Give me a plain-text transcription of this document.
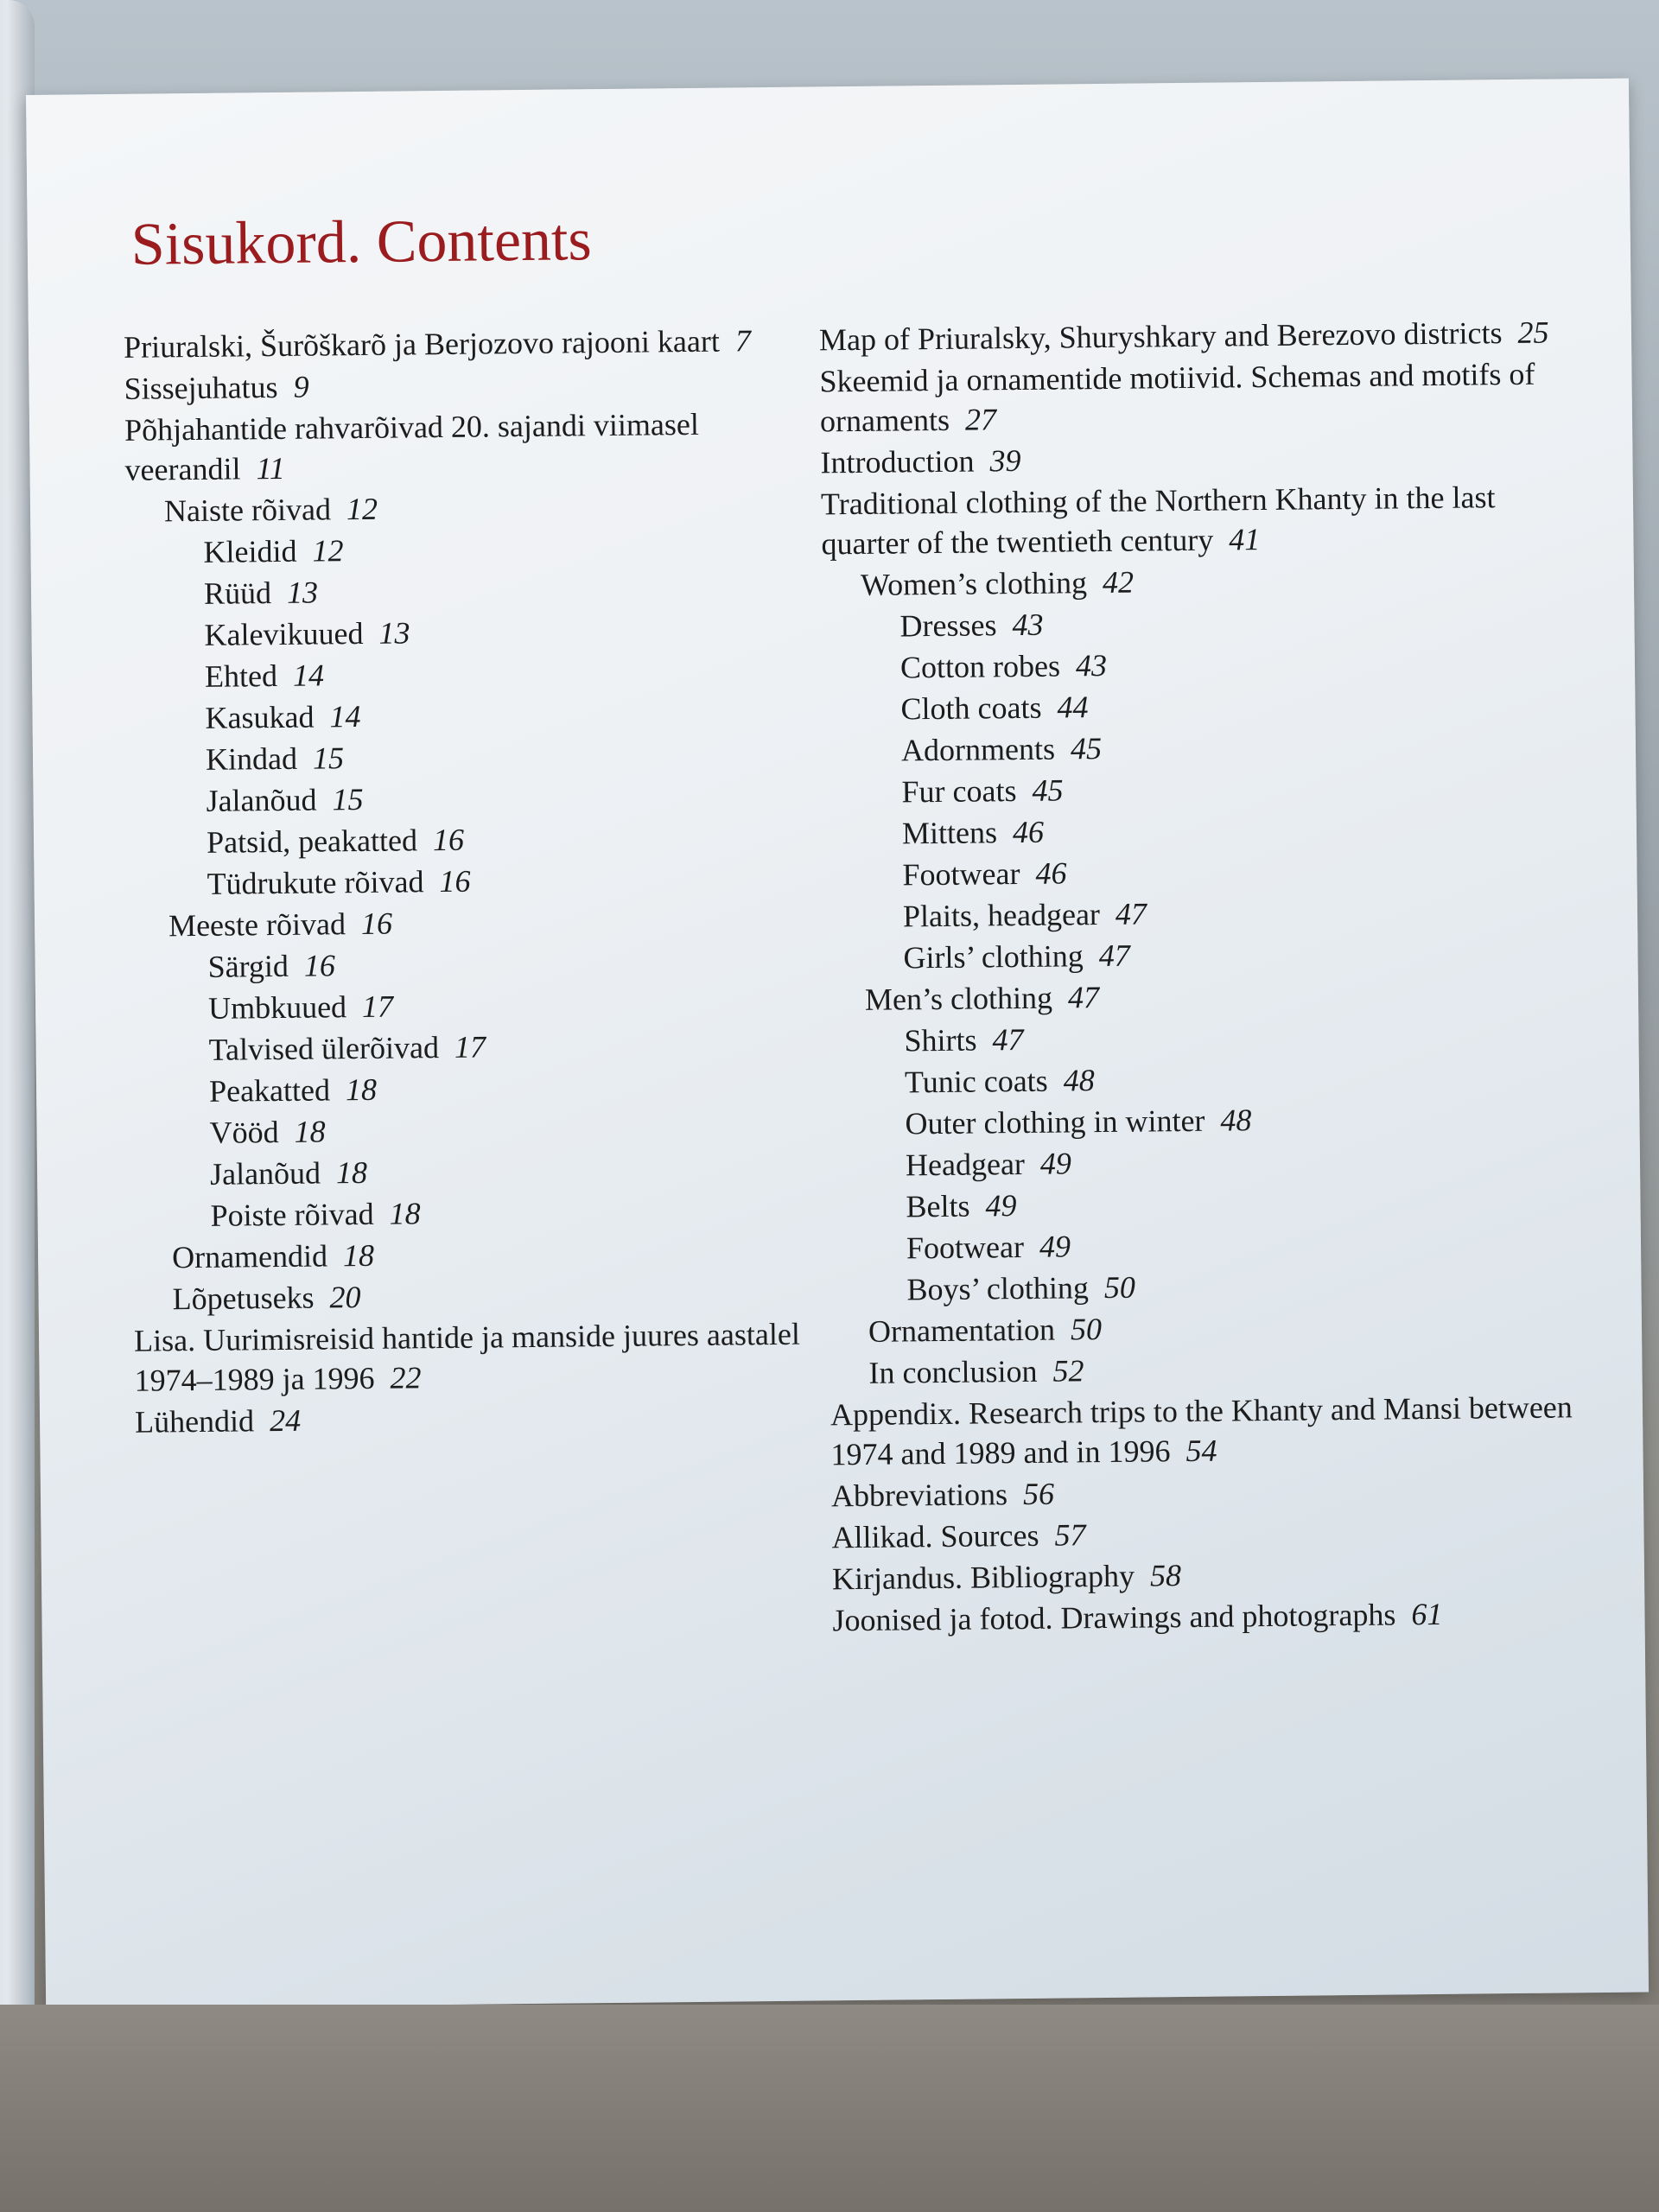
Sisukord. Contents
Priuralski, Šurõškarõ ja Berjozovo rajooni kaart 7
Sissejuhatus 9
Põhjahantide rahvarõivad 20. sajandi viimasel veerandil 11
Naiste rõivad 12
Kleidid 12
Rüüd 13
Kalevikuued 13
Ehted 14
Kasukad 14
Kindad 15
Jalanõud 15
Patsid, peakatted 16
Tüdrukute rõivad 16
Meeste rõivad 16
Särgid 16
Umbkuued 17
Talvised ülerõivad 17
Peakatted 18
Vööd 18
Jalanõud 18
Poiste rõivad 18
Ornamendid 18
Lõpetuseks 20
Lisa. Uurimisreisid hantide ja manside juures aastalel 1974–1989 ja 1996 22
Lühendid 24
Map of Priuralsky, Shuryshkary and Berezovo districts 25
Skeemid ja ornamentide motiivid. Schemas and motifs of ornaments 27
Introduction 39
Traditional clothing of the Northern Khanty in the last quarter of the twentieth century 41
Women’s clothing 42
Dresses 43
Cotton robes 43
Cloth coats 44
Adornments 45
Fur coats 45
Mittens 46
Footwear 46
Plaits, headgear 47
Girls’ clothing 47
Men’s clothing 47
Shirts 47
Tunic coats 48
Outer clothing in winter 48
Headgear 49
Belts 49
Footwear 49
Boys’ clothing 50
Ornamentation 50
In conclusion 52
Appendix. Research trips to the Khanty and Mansi between 1974 and 1989 and in 1996 54
Abbreviations 56
Allikad. Sources 57
Kirjandus. Bibliography 58
Joonised ja fotod. Drawings and photographs 61
